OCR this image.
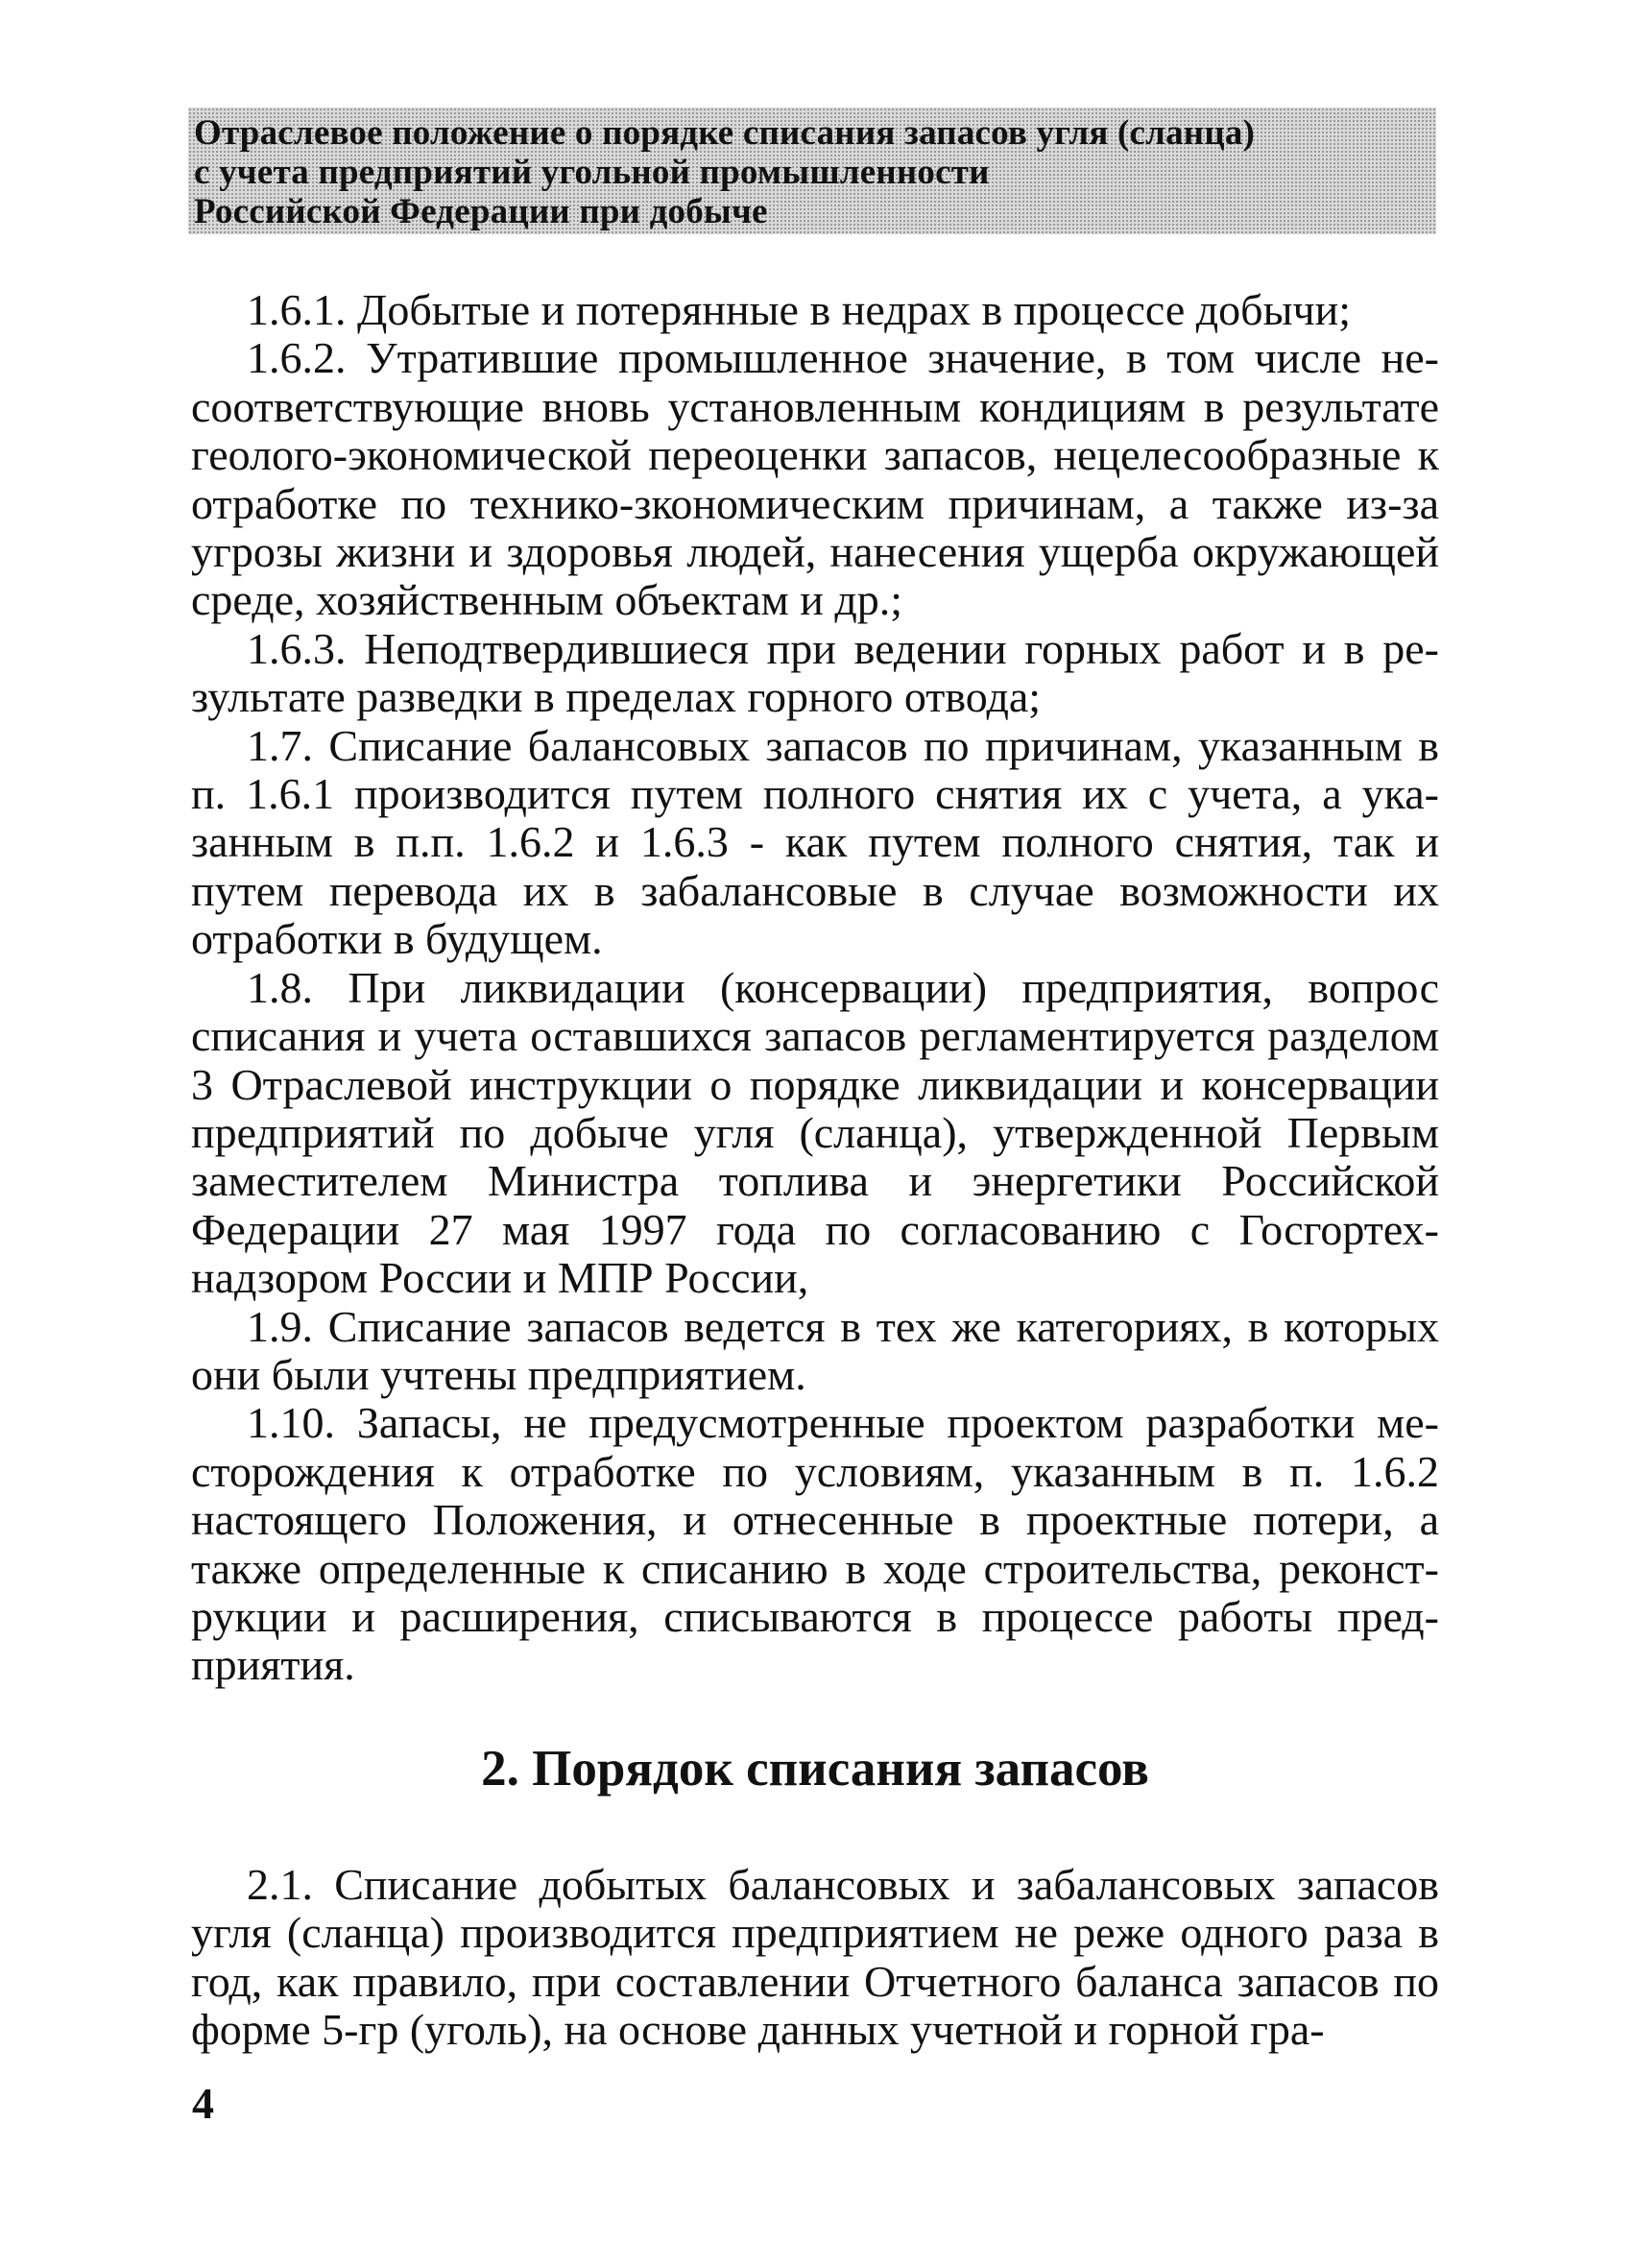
Отраслевое положение о порядке списания запасов угля (сланца)
с учета предприятий угольной промышленности
Российской Федерации при добыче

1.6.1. Добытые и потерянные в недрах в процессе добычи;

1.6.2. Утратившие промышленное значение, в том числе несоответствующие вновь установленным кондициям в результате геолого-экономической переоценки запасов, нецелесообразные к отработке по технико-зкономическим причинам, а также из-за угрозы жизни и здоровья людей, нанесения ущерба окружающей среде, хозяйственным объектам и др.;

1.6.3. Неподтвердившиеся при ведении горных работ и в результате разведки в пределах горного отвода;

1.7. Списание балансовых запасов по причинам, указанным в п. 1.6.1 производится путем полного снятия их с учета, а указанным в п.п. 1.6.2 и 1.6.3 - как путем полного снятия, так и путем перевода их в забалансовые в случае возможности их отработки в будущем.

1.8. При ликвидации (консервации) предприятия, вопрос списания и учета оставшихся запасов регламентируется разделом 3 Отраслевой инструкции о порядке ликвидации и консервации предприятий по добыче угля (сланца), утвержденной Первым заместителем Министра топлива и энергетики Российской Федерации 27 мая 1997 года по согласованию с Госгортехнадзором России и МПР России,

1.9. Списание запасов ведется в тех же категориях, в которых они были учтены предприятием.

1.10. Запасы, не предусмотренные проектом разработки месторождения к отработке по условиям, указанным в п. 1.6.2 настоящего Положения, и отнесенные в проектные потери, а также определенные к списанию в ходе строительства, реконструкции и расширения, списываются в процессе работы предприятия.

2. Порядок списания запасов

2.1. Списание добытых балансовых и забалансовых запасов угля (сланца) производится предприятием не реже одного раза в год, как правило, при составлении Отчетного баланса запасов по форме 5-гр (уголь), на основе данных учетной и горной гра-

4
